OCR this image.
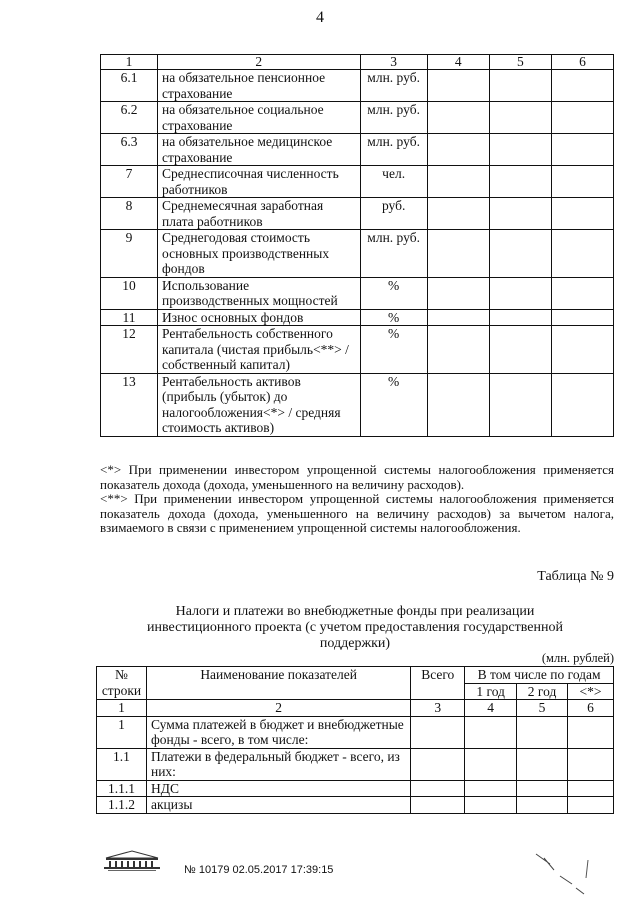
4
1	2	3	4	5	6
6.1	на обязательное пенсионное страхование	млн. руб.			
6.2	на обязательное социальное страхование	млн. руб.			
6.3	на обязательное медицинское страхование	млн. руб.			
7	Среднесписочная численность работников	чел.			
8	Среднемесячная заработная плата работников	руб.			
9	Среднегодовая стоимость основных производственных фондов	млн. руб.			
10	Использование производственных мощностей	%			
11	Износ основных фондов	%			
12	Рентабельность собственного капитала (чистая прибыль<**> / собственный капитал)	%			
13	Рентабельность активов (прибыль (убыток) до налогообложения<*> / средняя стоимость активов)	%			

<*> При применении инвестором упрощенной системы налогообложения применяется показатель дохода (дохода, уменьшенного на величину расходов).

<**> При применении инвестором упрощенной системы налогообложения применяется показатель дохода (дохода, уменьшенного на величину расходов) за вычетом налога, взимаемого в связи с применением упрощенной системы налогообложения.

Таблица № 9
Налоги и платежи во внебюджетные фонды при реализации инвестиционного проекта (с учетом предоставления государственной поддержки)
(млн. рублей)
№ строки	Наименование показателей	Всего	В том числе по годам		
			1 год	2 год	<*>
1	2	3	4	5	6
1	Сумма платежей в бюджет и внебюджетные фонды - всего, в том числе:				
1.1	Платежи в федеральный бюджет - всего, из них:				
1.1.1	НДС				
1.1.2	акцизы				
№ 10179 02.05.2017 17:39:15
